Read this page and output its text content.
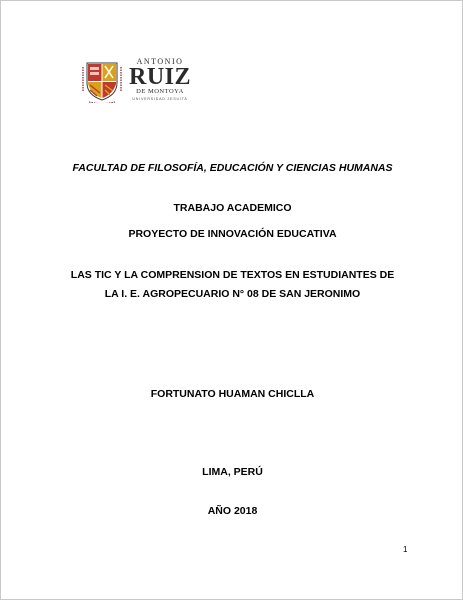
ANTONIO
RUIZ
DE MONTOYA
UNIVERSIDAD JESUITA
FACULTAD DE FILOSOFÍA, EDUCACIÓN Y CIENCIAS HUMANAS
TRABAJO ACADEMICO
PROYECTO DE INNOVACIÓN EDUCATIVA
LAS TIC Y LA COMPRENSION DE TEXTOS EN ESTUDIANTES DE
LA I. E. AGROPECUARIO N° 08 DE SAN JERONIMO
FORTUNATO HUAMAN CHICLLA
LIMA, PERÚ
AÑO 2018
1
